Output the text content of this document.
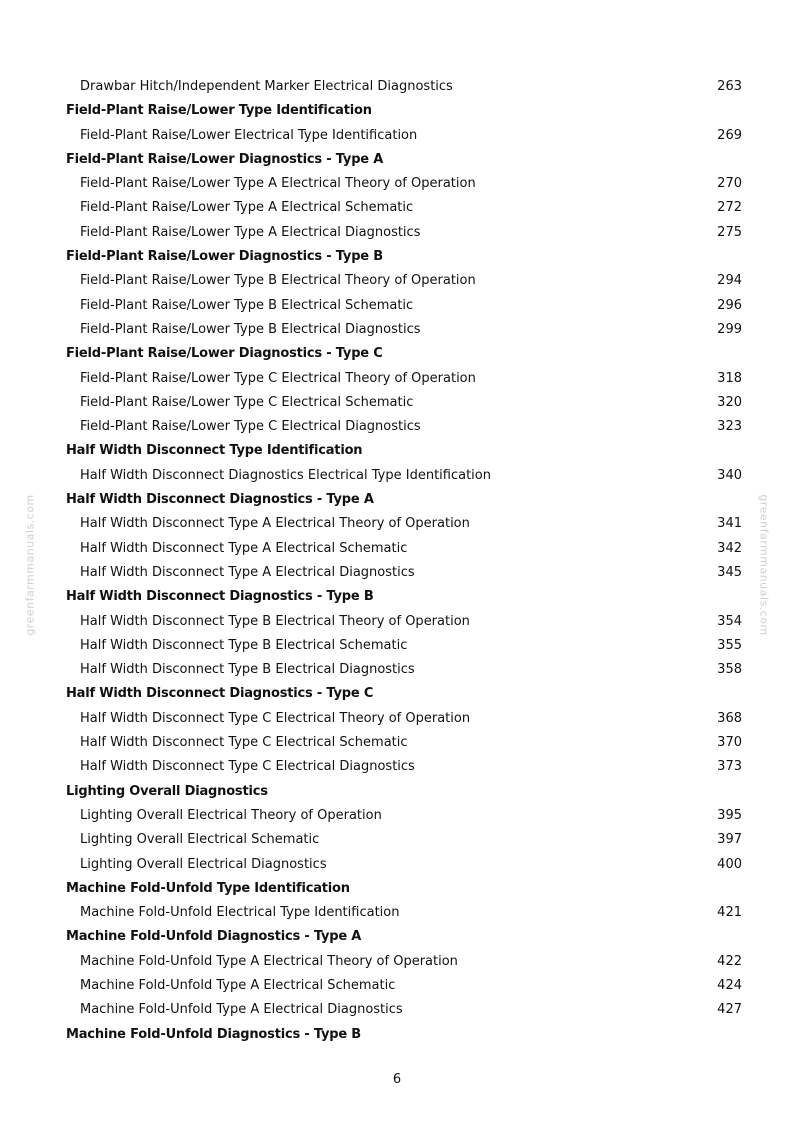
greenfarmmanuals.com	greenfarmmanuals.com
Drawbar Hitch/Independent Marker Electrical Diagnostics	263
Field-Plant Raise/Lower Type Identification
Field-Plant Raise/Lower Electrical Type Identification	269
Field-Plant Raise/Lower Diagnostics - Type A
Field-Plant Raise/Lower Type A Electrical Theory of Operation	270
Field-Plant Raise/Lower Type A Electrical Schematic	272
Field-Plant Raise/Lower Type A Electrical Diagnostics	275
Field-Plant Raise/Lower Diagnostics - Type B
Field-Plant Raise/Lower Type B Electrical Theory of Operation	294
Field-Plant Raise/Lower Type B Electrical Schematic	296
Field-Plant Raise/Lower Type B Electrical Diagnostics	299
Field-Plant Raise/Lower Diagnostics - Type C
Field-Plant Raise/Lower Type C Electrical Theory of Operation	318
Field-Plant Raise/Lower Type C Electrical Schematic	320
Field-Plant Raise/Lower Type C Electrical Diagnostics	323
Half Width Disconnect Type Identification
Half Width Disconnect Diagnostics Electrical Type Identification	340
Half Width Disconnect Diagnostics - Type A
Half Width Disconnect Type A Electrical Theory of Operation	341
Half Width Disconnect Type A Electrical Schematic	342
Half Width Disconnect Type A Electrical Diagnostics	345
Half Width Disconnect Diagnostics - Type B
Half Width Disconnect Type B Electrical Theory of Operation	354
Half Width Disconnect Type B Electrical Schematic	355
Half Width Disconnect Type B Electrical Diagnostics	358
Half Width Disconnect Diagnostics - Type C
Half Width Disconnect Type C Electrical Theory of Operation	368
Half Width Disconnect Type C Electrical Schematic	370
Half Width Disconnect Type C Electrical Diagnostics	373
Lighting Overall Diagnostics
Lighting Overall Electrical Theory of Operation	395
Lighting Overall Electrical Schematic	397
Lighting Overall Electrical Diagnostics	400
Machine Fold-Unfold Type Identification
Machine Fold-Unfold Electrical Type Identification	421
Machine Fold-Unfold Diagnostics - Type A
Machine Fold-Unfold Type A Electrical Theory of Operation	422
Machine Fold-Unfold Type A Electrical Schematic	424
Machine Fold-Unfold Type A Electrical Diagnostics	427
Machine Fold-Unfold Diagnostics - Type B
6
